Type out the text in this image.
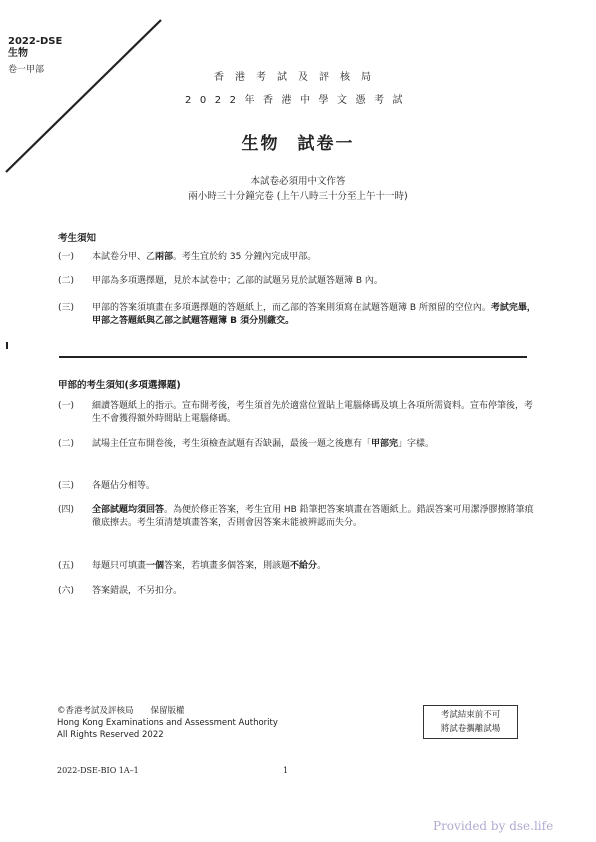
2022-DSE
生物
卷一甲部
香港考試及評核局
2022年香港中學文憑考試
生物 試卷一
本試卷必須用中文作答
兩小時三十分鐘完卷 (上午八時三十分至上午十一時)
考生須知
(一)	本試卷分甲、乙兩部。考生宜於約 35 分鐘內完成甲部。
(二)	甲部為多項選擇題，見於本試卷中；乙部的試題另見於試題答題簿 B 內。
(三)	甲部的答案須填畫在多項選擇題的答題紙上，而乙部的答案則須寫在試題答題簿 B 所預留的空位內。考試完畢，甲部之答題紙與乙部之試題答題簿 B 須分別繳交。
甲部的考生須知(多項選擇題)
(一)	細讀答題紙上的指示。宣布開考後，考生須首先於適當位置貼上電腦條碼及填上各項所需資料。宣布停筆後，考生不會獲得額外時間貼上電腦條碼。
(二)	試場主任宣布開卷後，考生須檢查試題有否缺漏，最後一題之後應有「甲部完」字樣。
(三)	各題佔分相等。
(四)	全部試題均須回答。為便於修正答案，考生宜用 HB 鉛筆把答案填畫在答題紙上。錯誤答案可用潔淨膠擦將筆痕徹底擦去。考生須清楚填畫答案，否則會因答案未能被辨認而失分。
(五)	每題只可填畫一個答案，若填畫多個答案，則該題不給分。
(六)	答案錯誤，不另扣分。
©香港考試及評核局　　保留版權
Hong Kong Examinations and Assessment Authority
All Rights Reserved 2022
考試結束前不可
將試卷攜離試場
2022-DSE-BIO 1A–1	1
Provided by dse.life
